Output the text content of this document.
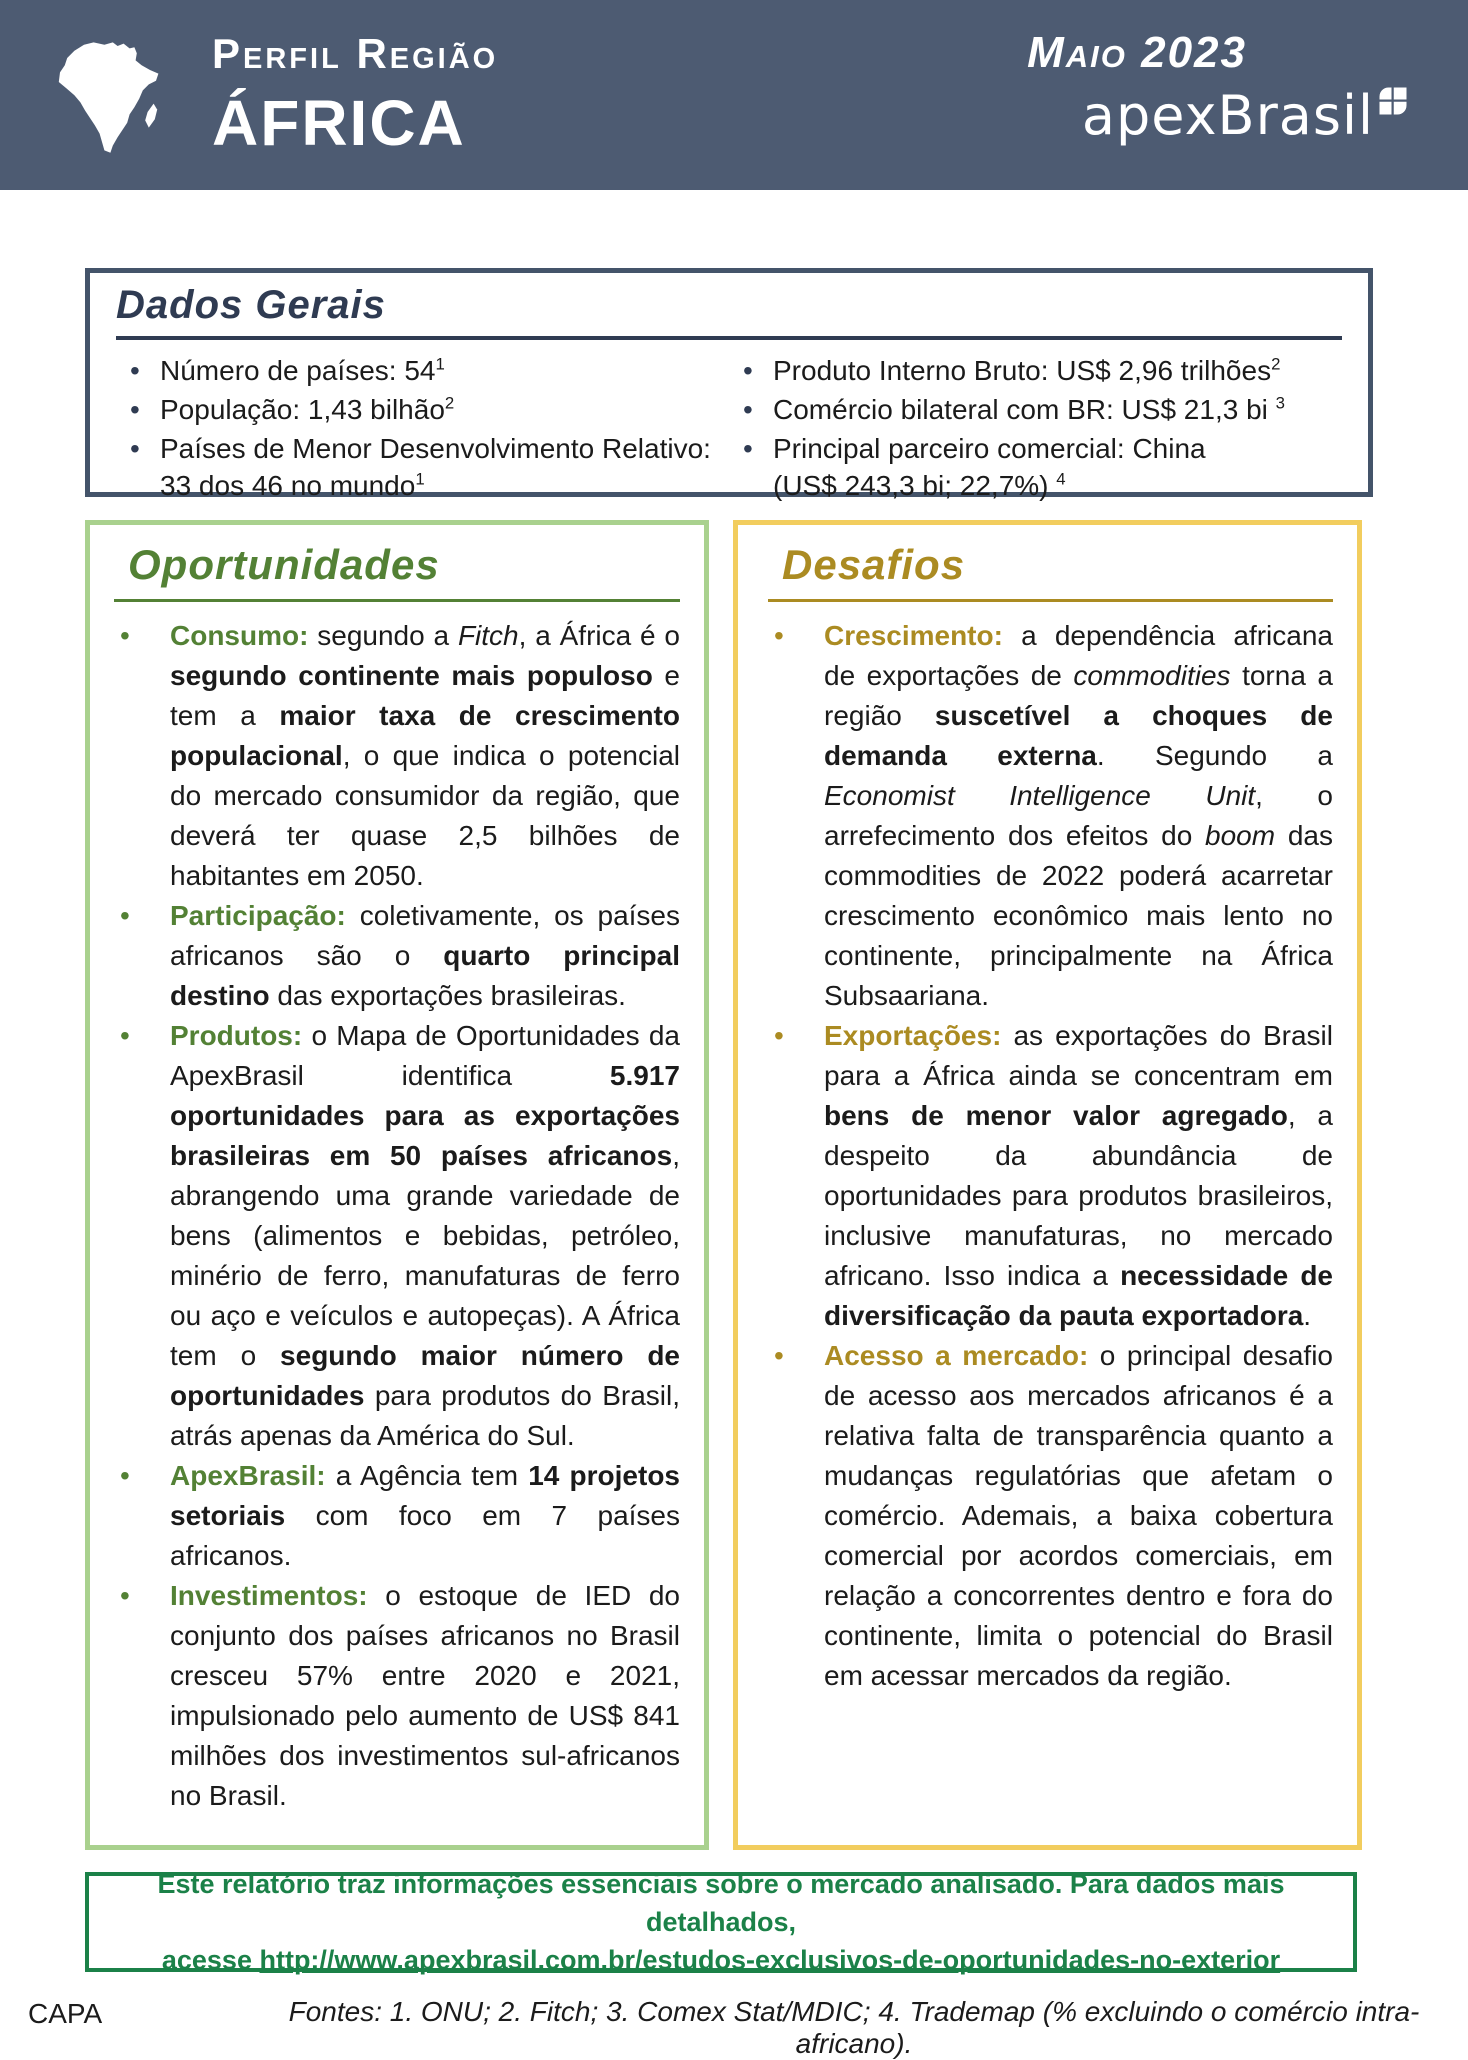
Perfil Região
ÁFRICA
Maio 2023
apexBrasil
Dados Gerais
• Número de países: $54^1$
• População: 1,43 bilhão$^2$
• Países de Menor Desenvolvimento Relativo:
33 dos 46 no mundo$^1$
• Produto Interno Bruto: US$ 2,96 trilhões$^2$
• Comércio bilateral com BR: US$ 21,3 bi $^3$
• Principal parceiro comercial: China
(US$ 243,3 bi; 22,7%) $^4$
Oportunidades
• Consumo: segundo a Fitch, a África é o segundo continente mais populoso e tem a maior taxa de crescimento populacional, o que indica o potencial do mercado consumidor da região, que deverá ter quase 2,5 bilhões de habitantes em 2050.
• Participação: coletivamente, os países africanos são o quarto principal destino das exportações brasileiras.
• Produtos: o Mapa de Oportunidades da ApexBrasil identifica 5.917 oportunidades para as exportações brasileiras em 50 países africanos, abrangendo uma grande variedade de bens (alimentos e bebidas, petróleo, minério de ferro, manufaturas de ferro ou aço e veículos e autopeças). A África tem o segundo maior número de oportunidades para produtos do Brasil, atrás apenas da América do Sul.
• ApexBrasil: a Agência tem 14 projetos setoriais com foco em 7 países africanos.
• Investimentos: o estoque de IED do conjunto dos países africanos no Brasil cresceu 57% entre 2020 e 2021, impulsionado pelo aumento de US$ 841 milhões dos investimentos sul-africanos no Brasil.
Desafios
• Crescimento: a dependência africana de exportações de commodities torna a região suscetível a choques de demanda externa. Segundo a Economist Intelligence Unit, o arrefecimento dos efeitos do boom das commodities de 2022 poderá acarretar crescimento econômico mais lento no continente, principalmente na África Subsaariana.
• Exportações: as exportações do Brasil para a África ainda se concentram em bens de menor valor agregado, a despeito da abundância de oportunidades para produtos brasileiros, inclusive manufaturas, no mercado africano. Isso indica a necessidade de diversificação da pauta exportadora.
• Acesso a mercado: o principal desafio de acesso aos mercados africanos é a relativa falta de transparência quanto a mudanças regulatórias que afetam o comércio. Ademais, a baixa cobertura comercial por acordos comerciais, em relação a concorrentes dentro e fora do continente, limita o potencial do Brasil em acessar mercados da região.

Este relatório traz informações essenciais sobre o mercado analisado. Para dados mais detalhados,
acesse http://www.apexbrasil.com.br/estudos-exclusivos-de-oportunidades-no-exterior

CAPA	Fontes: 1. ONU; 2. Fitch; 3. Comex Stat/MDIC; 4. Trademap (% excluindo o comércio intra-africano).
